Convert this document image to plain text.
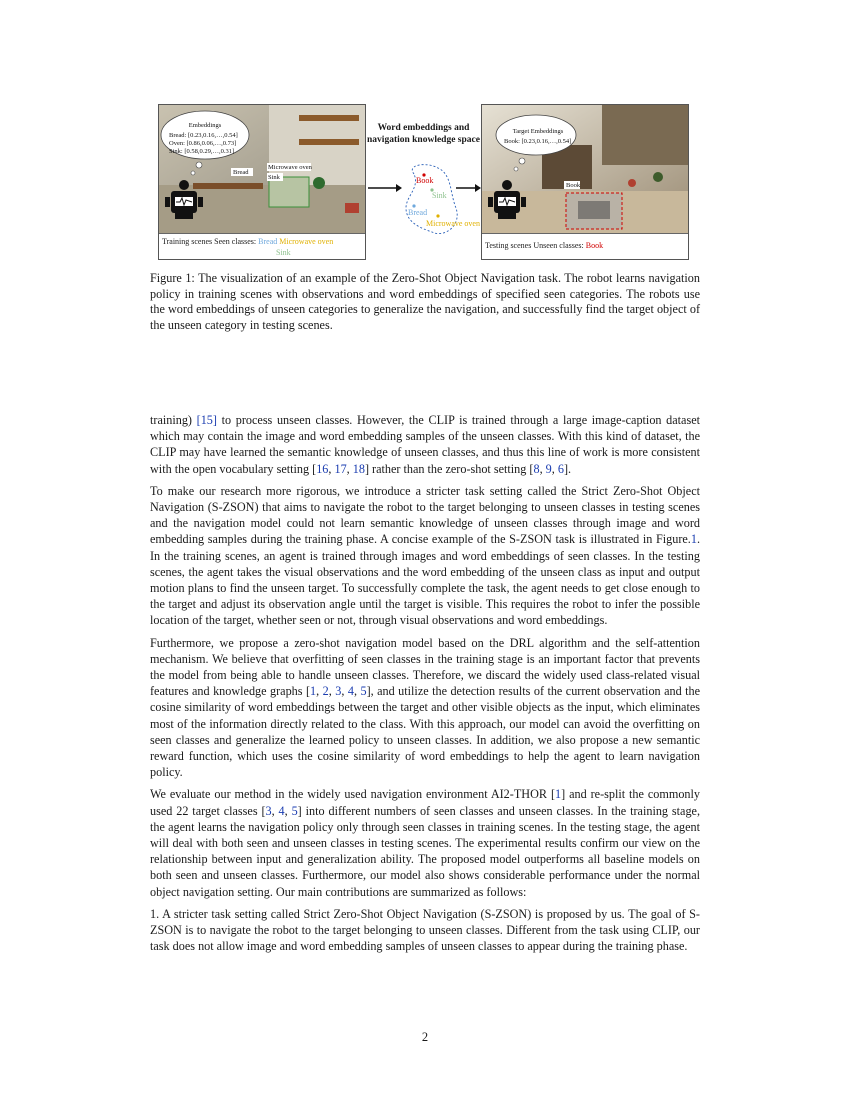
Embeddings
Bread: [0.23,0.16,…,0.54]
Oven: [0.86,0.06,…,0.73]
Sink: [0.58,0.29,…,0.31]
Bread
Microwave oven
Sink
Training scenes Seen classes: Bread Microwave oven
Sink
Word embeddings and navigation knowledge space
Book
Sink
Bread
Microwave oven
Target Embeddings
Book: [0.23,0.16,…,0.54]
Book
Testing scenes Unseen classes: Book
Figure 1: The visualization of an example of the Zero-Shot Object Navigation task. The robot learns navigation policy in training scenes with observations and word embeddings of specified seen categories. The robots use the word embeddings of unseen categories to generalize the navigation, and successfully find the target object of the unseen category in testing scenes.

training) [15] to process unseen classes. However, the CLIP is trained through a large image-caption dataset which may contain the image and word embedding samples of the unseen classes. With this kind of dataset, the CLIP may have learned the semantic knowledge of unseen classes, and thus this line of work is more consistent with the open vocabulary setting [16, 17, 18] rather than the zero-shot setting [8, 9, 6].

To make our research more rigorous, we introduce a stricter task setting called the Strict Zero-Shot Object Navigation (S-ZSON) that aims to navigate the robot to the target belonging to unseen classes in testing scenes and the navigation model could not learn semantic knowledge of unseen classes through image and word embedding samples during the training phase. A concise example of the S-ZSON task is illustrated in Figure.1. In the training scenes, an agent is trained through images and word embeddings of seen classes. In the testing scenes, the agent takes the visual observations and the word embedding of the unseen class as input and output motion plans to find the unseen target. To successfully complete the task, the agent needs to get close enough to the target and adjust its observation angle until the target is visible. This requires the robot to infer the possible location of the target, whether seen or not, through visual observations and word embeddings.

Furthermore, we propose a zero-shot navigation model based on the DRL algorithm and the self-attention mechanism. We believe that overfitting of seen classes in the training stage is an important factor that prevents the model from being able to handle unseen classes. Therefore, we discard the widely used class-related visual features and knowledge graphs [1, 2, 3, 4, 5], and utilize the detection results of the current observation and the cosine similarity of word embeddings between the target and other visible objects as the input, which eliminates most of the information directly related to the class. With this approach, our model can avoid the overfitting on seen classes and generalize the learned policy to unseen classes. In addition, we also propose a new semantic reward function, which uses the cosine similarity of word embeddings to help the agent to learn navigation policy.

We evaluate our method in the widely used navigation environment AI2-THOR [1] and re-split the commonly used 22 target classes [3, 4, 5] into different numbers of seen classes and unseen classes. In the training stage, the agent learns the navigation policy only through seen classes in training scenes. In the testing stage, the agent will deal with both seen and unseen classes in testing scenes. The experimental results confirm our view on the relationship between input and generalization ability. The proposed model outperforms all baseline models on both seen and unseen classes. Furthermore, our model also shows considerable performance under the normal object navigation setting. Our main contributions are summarized as follows:

1. A stricter task setting called Strict Zero-Shot Object Navigation (S-ZSON) is proposed by us. The goal of S-ZSON is to navigate the robot to the target belonging to unseen classes. Different from the task using CLIP, our task does not allow image and word embedding samples of unseen classes to appear during the training phase.

2
